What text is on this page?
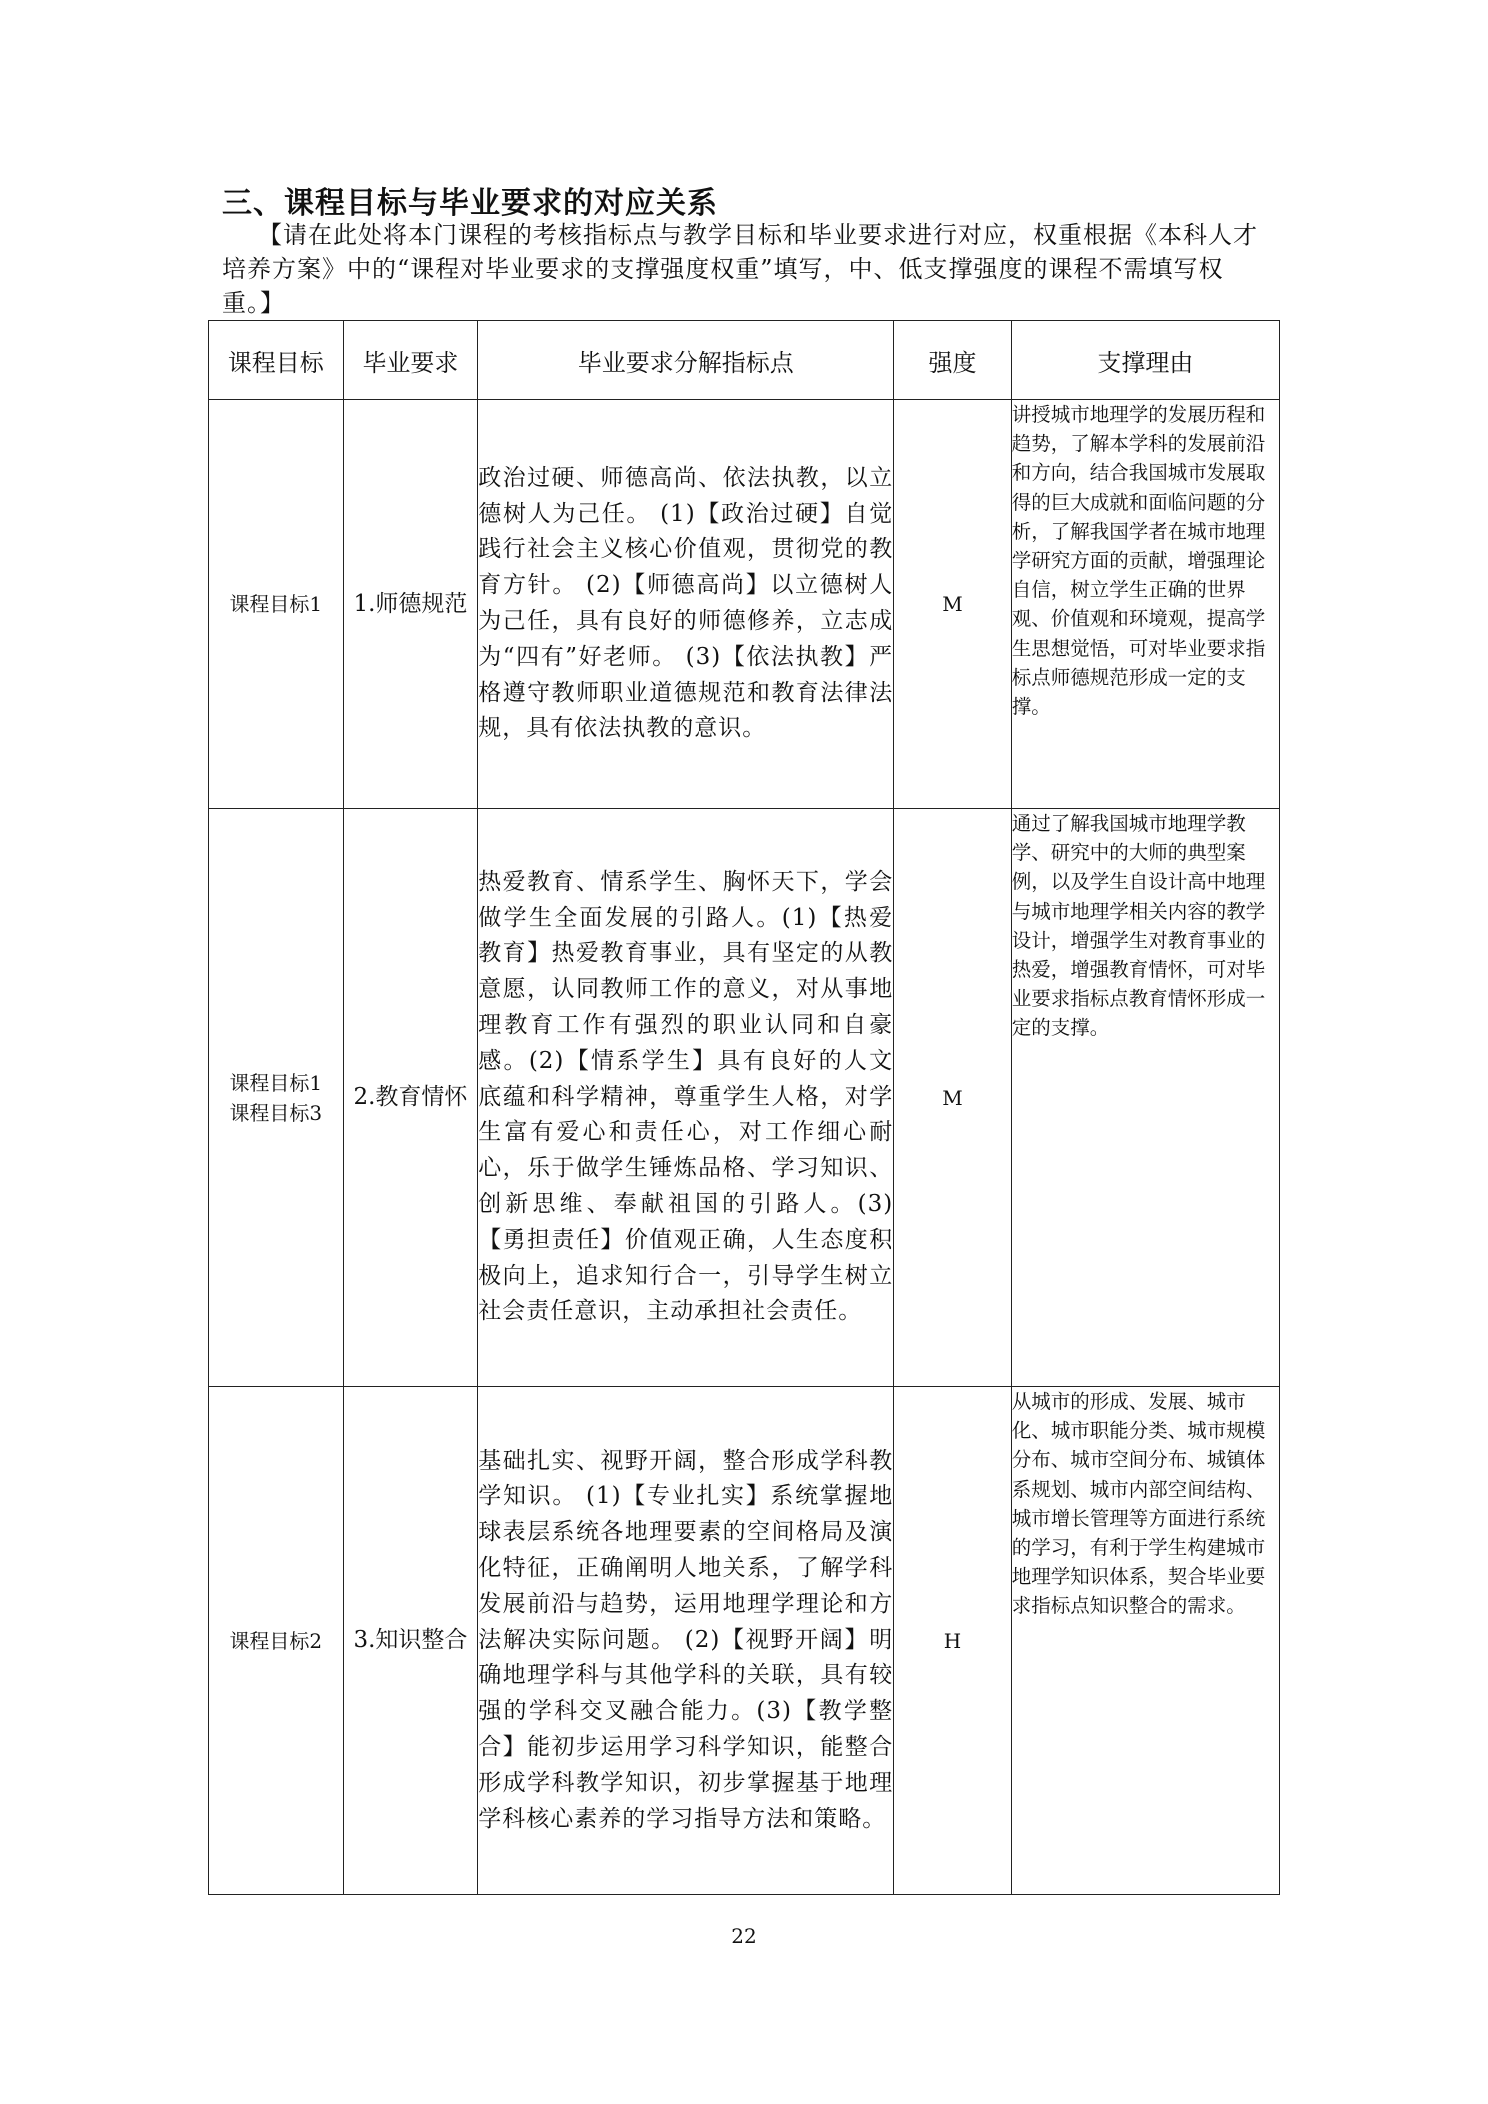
三、课程目标与毕业要求的对应关系

【请在此处将本门课程的考核指标点与教学目标和毕业要求进行对应，权重根据《本科人才培养方案》中的“课程对毕业要求的支撑强度权重”填写，中、低支撑强度的课程不需填写权重。】

课程目标	毕业要求	毕业要求分解指标点	强度	支撑理由

课程目标1	1.师德规范	政治过硬、师德高尚、依法执教，以立德树人为己任。 (1)【政治过硬】自觉践行社会主义核心价值观，贯彻党的教育方针。 (2)【师德高尚】以立德树人为己任，具有良好的师德修养，立志成为“四有”好老师。 (3)【依法执教】严格遵守教师职业道德规范和教育法律法规，具有依法执教的意识。	M	讲授城市地理学的发展历程和趋势，了解本学科的发展前沿和方向，结合我国城市发展取得的巨大成就和面临问题的分析，了解我国学者在城市地理学研究方面的贡献，增强理论自信，树立学生正确的世界观、价值观和环境观，提高学生思想觉悟，可对毕业要求指标点师德规范形成一定的支撑。

课程目标1
课程目标3	2.教育情怀	热爱教育、情系学生、胸怀天下，学会做学生全面发展的引路人。(1)【热爱教育】热爱教育事业，具有坚定的从教意愿，认同教师工作的意义，对从事地理教育工作有强烈的职业认同和自豪感。(2)【情系学生】具有良好的人文底蕴和科学精神，尊重学生人格，对学生富有爱心和责任心，对工作细心耐心，乐于做学生锤炼品格、学习知识、创新思维、奉献祖国的引路人。(3)【勇担责任】价值观正确，人生态度积极向上，追求知行合一，引导学生树立社会责任意识，主动承担社会责任。	M	通过了解我国城市地理学教学、研究中的大师的典型案例，以及学生自设计高中地理与城市地理学相关内容的教学设计，增强学生对教育事业的热爱，增强教育情怀，可对毕业要求指标点教育情怀形成一定的支撑。

课程目标2	3.知识整合	基础扎实、视野开阔，整合形成学科教学知识。 (1)【专业扎实】系统掌握地球表层系统各地理要素的空间格局及演化特征，正确阐明人地关系，了解学科发展前沿与趋势，运用地理学理论和方法解决实际问题。 (2)【视野开阔】明确地理学科与其他学科的关联，具有较强的学科交叉融合能力。(3)【教学整合】能初步运用学习科学知识，能整合形成学科教学知识，初步掌握基于地理学科核心素养的学习指导方法和策略。	H	从城市的形成、发展、城市化、城市职能分类、城市规模分布、城市空间分布、城镇体系规划、城市内部空间结构、城市增长管理等方面进行系统的学习，有利于学生构建城市地理学知识体系，契合毕业要求指标点知识整合的需求。

22
